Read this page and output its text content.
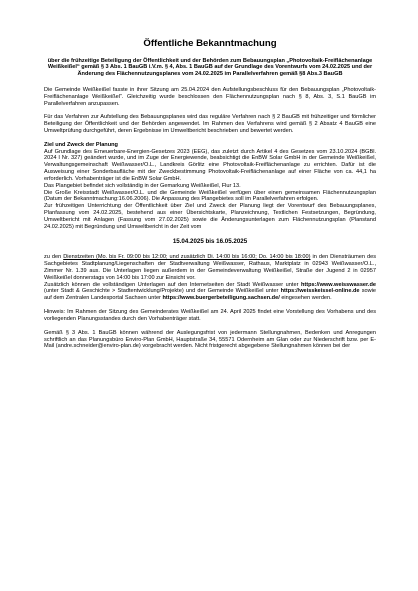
Öffentliche Bekanntmachung
über die frühzeitige Beteiligung der Öffentlichkeit und der Behörden zum Bebauungsplan „Photovoltaik-Freiflächenanlage Weißkeißel“ gemäß § 3 Abs. 1 BauGB i.V.m. § 4, Abs. 1 BauGB auf der Grundlage des Vorentwurfs vom 24.02.2025 und der Änderung des Flächennutzungsplanes vom 24.02.2025 im Parallelverfahren gemäß §8 Abs.3 BauGB

Die Gemeinde Weißkeißel fasste in ihrer Sitzung am 25.04.2024 den Aufstellungsbeschluss für den Bebauungsplan „Photovoltaik-Freiflächenanlage Weißkeißel“. Gleichzeitig wurde beschlossen den Flächennutzungsplan nach § 8, Abs. 3, S.1 BauGB im Parallelverfahren anzupassen.

Für das Verfahren zur Aufstellung des Bebauungsplanes wird das reguläre Verfahren nach § 2 BauGB mit frühzeitiger und förmlicher Beteiligung der Öffentlichkeit und der Behörden angewendet. Im Rahmen des Verfahrens wird gemäß § 2 Absatz 4 BauGB eine Umweltprüfung durchgeführt, deren Ergebnisse im Umweltbericht beschrieben und bewertet werden.

Ziel und Zweck der Planung

Auf Grundlage des Erneuerbare-Energien-Gesetzes 2023 (EEG), das zuletzt durch Artikel 4 des Gesetzes vom 23.10.2024 (BGBl. 2024 I Nr. 327) geändert wurde, und im Zuge der Energiewende, beabsichtigt die EnBW Solar GmbH in der Gemeinde Weißkeißel, Verwaltungsgemeinschaft Weißwasser/O.L., Landkreis Görlitz eine Photovoltaik-Freiflächenanlage zu errichten. Dafür ist die Ausweisung einer Sonderbaufläche mit der Zweckbestimmung Photovoltaik-Freiflächenanlage auf einer Fläche von ca. 44,1 ha erforderlich. Vorhabenträger ist die EnBW Solar GmbH.

Das Plangebiet befindet sich vollständig in der Gemarkung Weißkeißel, Flur 13.

Die Große Kreisstadt Weißwasser/O.L. und die Gemeinde Weißkeißel verfügen über einen gemeinsamen Flächennutzungsplan (Datum der Bekanntmachung:16.06.2006). Die Anpassung des Plangebietes soll im Parallelverfahren erfolgen.

Zur frühzeitigen Unterrichtung der Öffentlichkeit über Ziel und Zweck der Planung liegt der Vorentwurf des Bebauungsplanes, Planfassung vom 24.02.2025, bestehend aus einer Übersichtskarte, Planzeichnung, Textlichen Festsetzungen, Begründung, Umweltbericht mit Anlagen (Fassung vom 27.02.2025) sowie die Änderungsunterlagen zum Flächennutzungsplan (Planstand 24.02.2025) mit Begründung und Umweltbericht in der Zeit vom

15.04.2025 bis 16.05.2025

zu den Dienstzeiten (Mo. bis Fr. 09:00 bis 12:00; und zusätzlich Di. 14:00 bis 16:00; Do. 14:00 bis 18:00) in den Diensträumen des Sachgebietes Stadtplanung/Liegenschaften der Stadtverwaltung Weißwasser, Rathaus, Marktplatz in 02943 Weißwasser/O.L., Zimmer Nr. 1.39 aus. Die Unterlagen liegen außerdem in der Gemeindeverwaltung Weißkeißel, Straße der Jugend 2 in 02957 Weißkeißel donnerstags von 14:00 bis 17:00 zur Einsicht vor.

Zusätzlich können die vollständigen Unterlagen auf den Internetseiten der Stadt Weißwasser unter https://www.weisswasser.de (unter Stadt & Geschichte > Stadtentwicklung/Projekte) und der Gemeinde Weißkeißel unter https://weisskeissel-online.de sowie auf dem Zentralen Landesportal Sachsen unter https://www.buergerbeteiligung.sachsen.de/ eingesehen werden.

Hinweis: Im Rahmen der Sitzung des Gemeinderates Weißkeißel am 24. April 2025 findet eine Vorstellung des Vorhabens und des vorliegenden Planungsstandes durch den Vorhabenträger statt.

Gemäß § 3 Abs. 1 BauGB können während der Auslegungsfrist von jedermann Stellungnahmen, Bedenken und Anregungen schriftlich an das Planungsbüro Enviro-Plan GmbH, Hauptstraße 34, 55571 Odernheim am Glan oder zur Niederschrift bzw. per E-Mail (andre.schneider@enviro-plan.de) vorgebracht werden. Nicht fristgerecht abgegebene Stellungnahmen können bei der
